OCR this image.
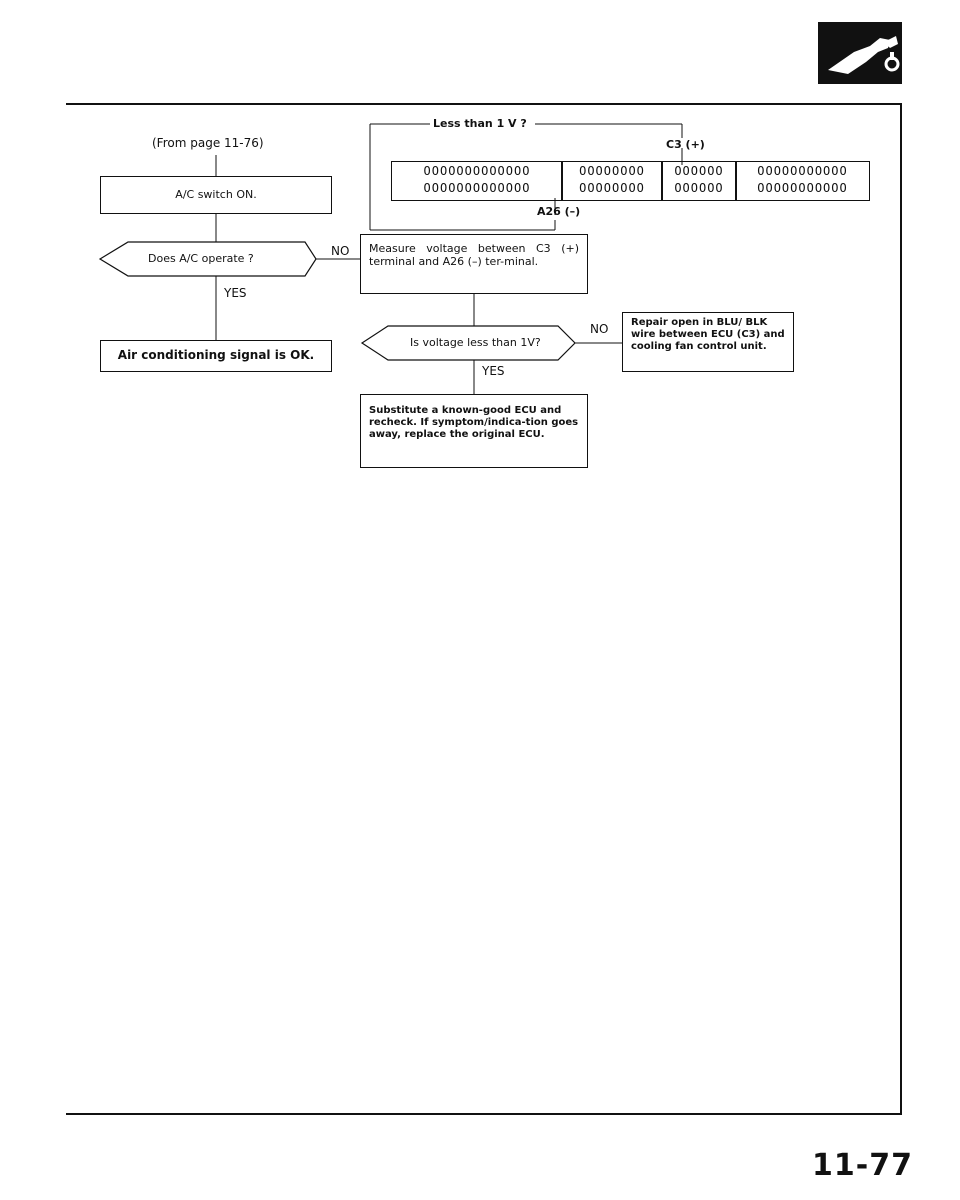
(From page 11-76)
A/C switch ON.
Does A/C operate ?
NO
YES
Air conditioning signal is OK.
Less than 1 V ?
C3 (+)
OOOOOOOOOOOOO
OOOOOOOOOOOOO
OOOOOOOO
OOOOOOOO
OOOOOO
OOOOOO
OOOOOOOOOOO
OOOOOOOOOOO
A26 (–)
Measure voltage between C3 (+) terminal and A26 (–) ter-minal.
Is voltage less than 1V?
NO
YES
Repair open in BLU/ BLK wire between ECU (C3) and cooling fan control unit.
Substitute a known-good ECU and recheck. If symptom/indica-tion goes away, replace the original ECU.
11-77
